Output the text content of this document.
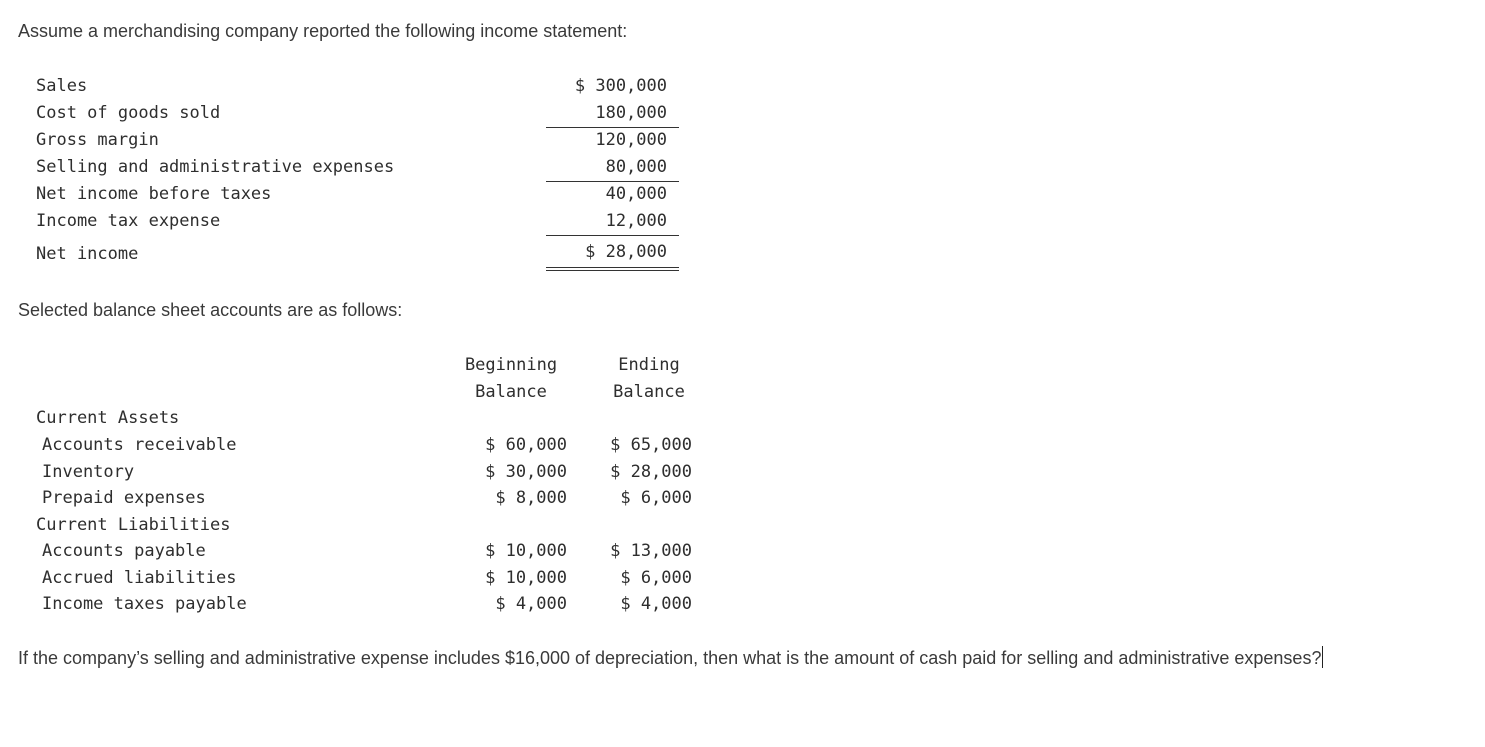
Assume a merchandising company reported the following income statement:
Sales	$ 300,000
Cost of goods sold	180,000
Gross margin	120,000
Selling and administrative expenses	80,000
Net income before taxes	40,000
Income tax expense	12,000
Net income	$ 28,000
Selected balance sheet accounts are as follows:
Beginning
Balance
Ending
Balance
Current Assets
Accounts receivable	$ 60,000	$ 65,000
Inventory	$ 30,000	$ 28,000
Prepaid expenses	$ 8,000	$ 6,000
Current Liabilities
Accounts payable	$ 10,000	$ 13,000
Accrued liabilities	$ 10,000	$ 6,000
Income taxes payable	$ 4,000	$ 4,000
If the company’s selling and administrative expense includes $16,000 of depreciation, then what is the amount of cash paid for selling and administrative expenses?
